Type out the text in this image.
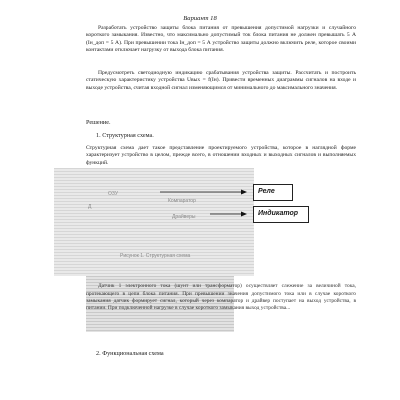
Вариант 18

Разработать устройство защиты блока питания от превышения допустимой нагрузки и случайного короткого замыкания. Известно, что максимально допустимый ток блока питания не должен превышать 5 А (Iн_доп = 5 А). При превышении тока Iн_доп = 5 А устройство защиты должно включить реле, которое своими контактами отключает нагрузку от выхода блока питания.

Предусмотреть светодиодную индикацию срабатывания устройства защиты. Рассчитать и построить статическую характеристику устройства Uвых = f(Iн). Привести временных диаграммы сигналов на входе и выходе устройства, считая входной сигнал изменяющимся от минимального до максимального значения.

Решение.
1. Структурная схема.

Структурная схема дает такое представление проектируемого устройства, которое в наглядной форме характеризует устройство в целом, прежде всего, в отношении входных и выходных сигналов и выполняемых функций.

ОЗУ
Д
Компаратор
Драйверы
Рисунок 1. Структурная схема
Реле
Индикатор

Датчик 1 электронного тока (шунт или трансформатор) осуществляет слежение за величиной тока, протекающего в цепи блока питания. При превышении значения допустимого тока или в случае короткого замыкания датчик формирует сигнал, который через компаратор и драйвер поступает на выход устройства, в питании. При подключенной нагрузке в случае короткого замыкания выход устройства...

2. Функциональная схема
